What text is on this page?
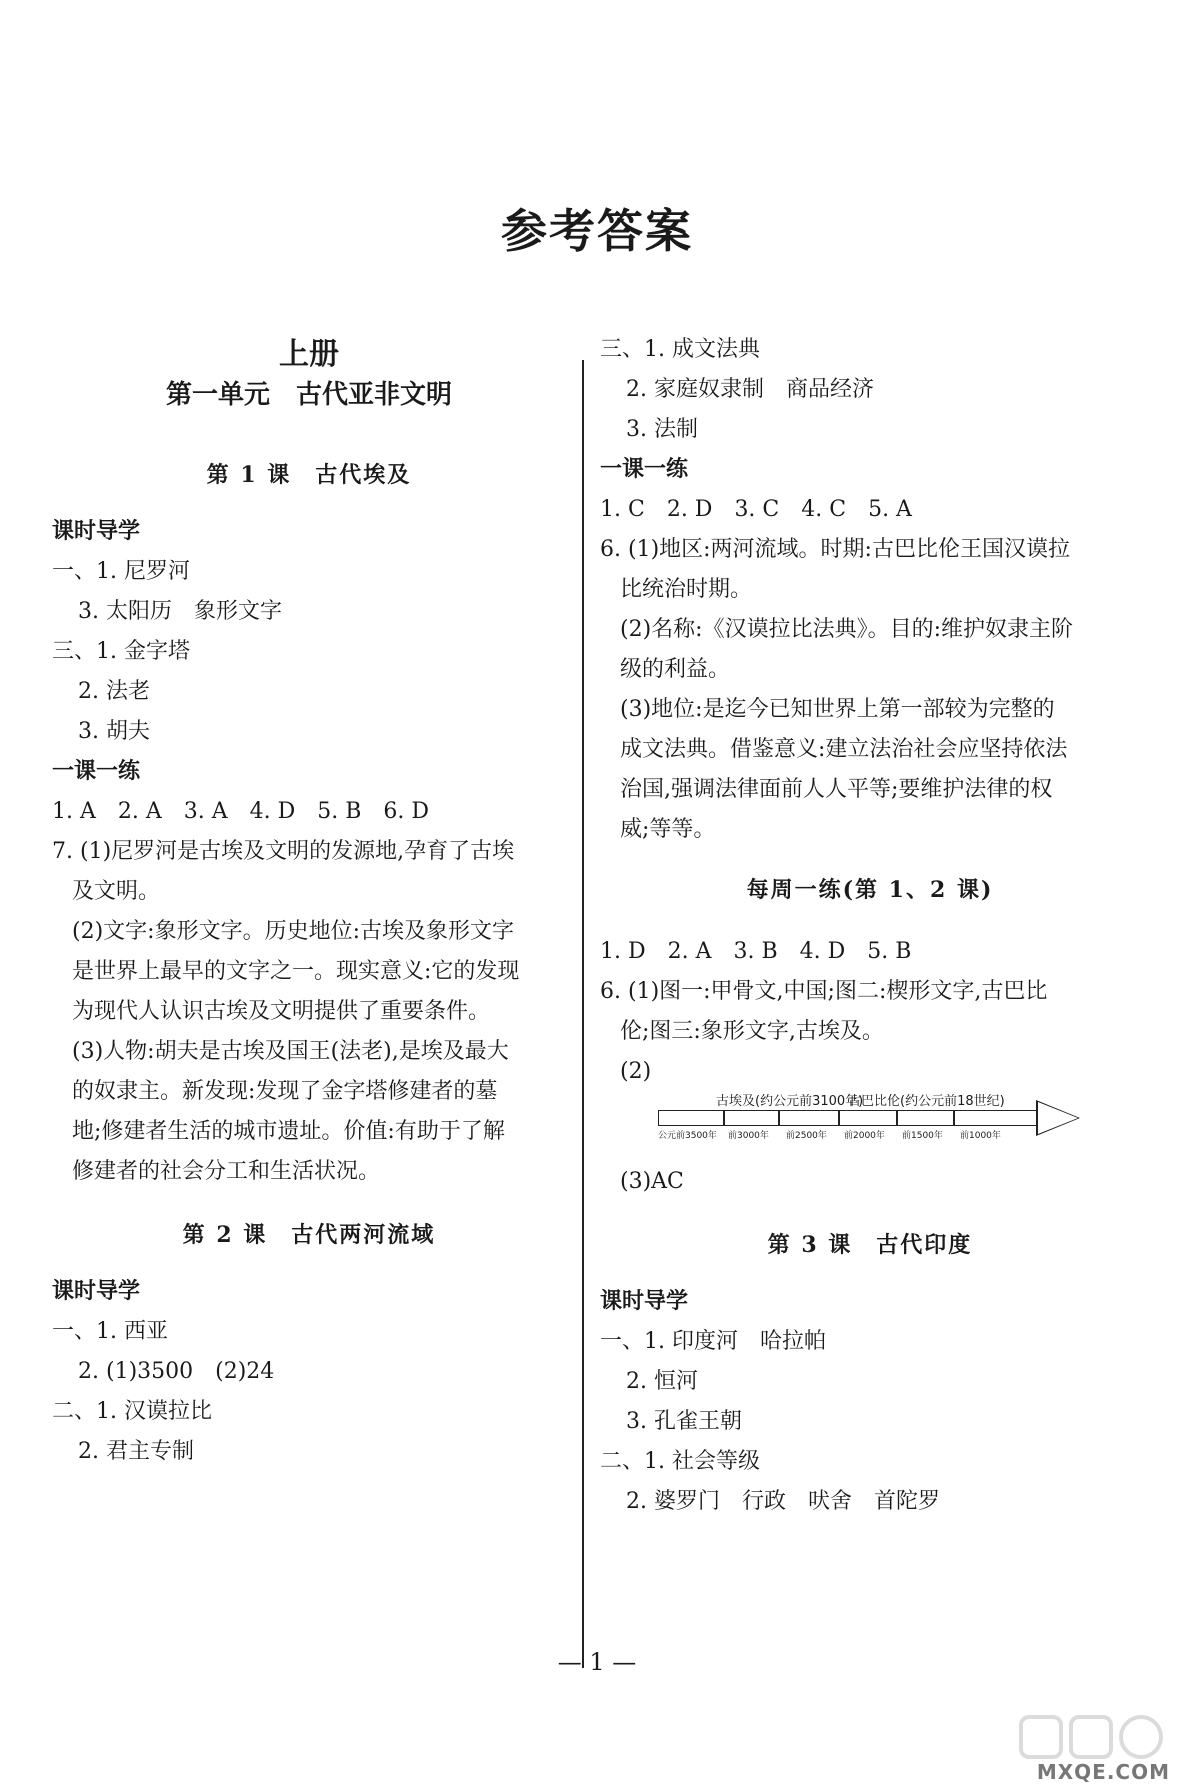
参考答案
上册
第一单元　古代亚非文明
第 1 课　古代埃及
课时导学
一、1. 尼罗河
3. 太阳历　象形文字
三、1. 金字塔
2. 法老
3. 胡夫
一课一练
1. A　2. A　3. A　4. D　5. B　6. D
7. (1)尼罗河是古埃及文明的发源地,孕育了古埃
及文明。
(2)文字:象形文字。历史地位:古埃及象形文字
是世界上最早的文字之一。现实意义:它的发现
为现代人认识古埃及文明提供了重要条件。
(3)人物:胡夫是古埃及国王(法老),是埃及最大
的奴隶主。新发现:发现了金字塔修建者的墓
地;修建者生活的城市遗址。价值:有助于了解
修建者的社会分工和生活状况。
第 2 课　古代两河流域
课时导学
一、1. 西亚
2. (1)3500　(2)24
二、1. 汉谟拉比
2. 君主专制
三、1. 成文法典
2. 家庭奴隶制　商品经济
3. 法制
一课一练
1. C　2. D　3. C　4. C　5. A
6. (1)地区:两河流域。时期:古巴比伦王国汉谟拉
比统治时期。
(2)名称:《汉谟拉比法典》。目的:维护奴隶主阶
级的利益。
(3)地位:是迄今已知世界上第一部较为完整的
成文法典。借鉴意义:建立法治社会应坚持依法
治国,强调法律面前人人平等;要维护法律的权
威;等等。
每周一练(第 1、2 课)
1. D　2. A　3. B　4. D　5. B
6. (1)图一:甲骨文,中国;图二:楔形文字,古巴比
伦;图三:象形文字,古埃及。
(2)
古埃及(约公元前3100年)
古巴比伦(约公元前18世纪)
公元前3500年 前3000年 前2500年 前2000年 前1500年 前1000年
(3)AC
第 3 课　古代印度
课时导学
一、1. 印度河　哈拉帕
2. 恒河
3. 孔雀王朝
二、1. 社会等级
2. 婆罗门　行政　吠舍　首陀罗
— 1 —
MXQE.COM
